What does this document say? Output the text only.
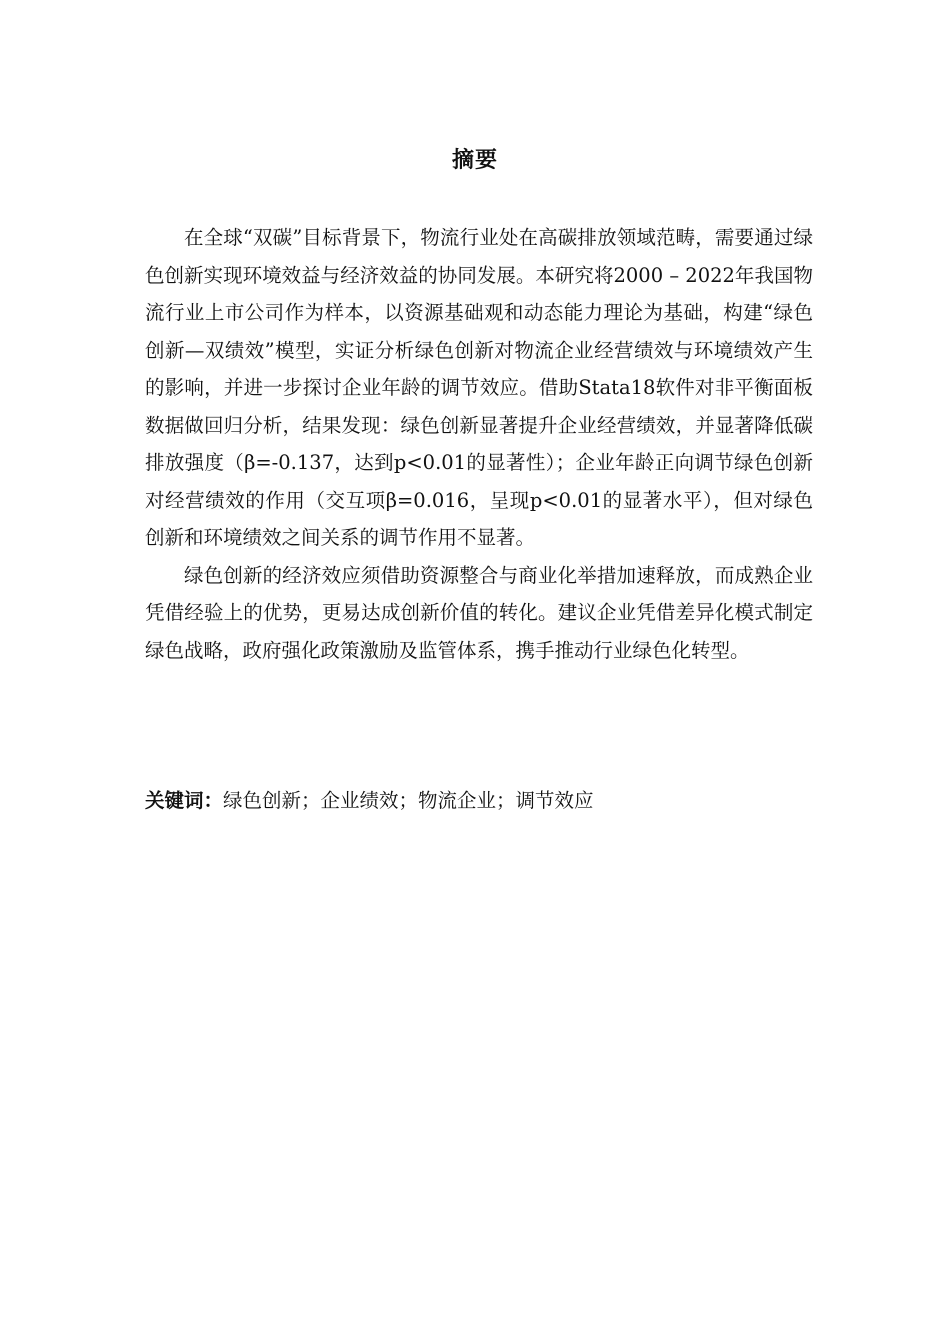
摘要

在全球“双碳”目标背景下，物流行业处在高碳排放领域范畴，需要通过绿色创新实现环境效益与经济效益的协同发展。本研究将2000 – 2022年我国物流行业上市公司作为样本，以资源基础观和动态能力理论为基础，构建“绿色创新—双绩效”模型，实证分析绿色创新对物流企业经营绩效与环境绩效产生的影响，并进一步探讨企业年龄的调节效应。借助Stata18软件对非平衡面板数据做回归分析，结果发现：绿色创新显著提升企业经营绩效，并显著降低碳排放强度（β=-0.137，达到p<0.01的显著性）；企业年龄正向调节绿色创新对经营绩效的作用（交互项β=0.016，呈现p<0.01的显著水平），但对绿色创新和环境绩效之间关系的调节作用不显著。

绿色创新的经济效应须借助资源整合与商业化举措加速释放，而成熟企业凭借经验上的优势，更易达成创新价值的转化。建议企业凭借差异化模式制定绿色战略，政府强化政策激励及监管体系，携手推动行业绿色化转型。

关键词：绿色创新；企业绩效；物流企业；调节效应
